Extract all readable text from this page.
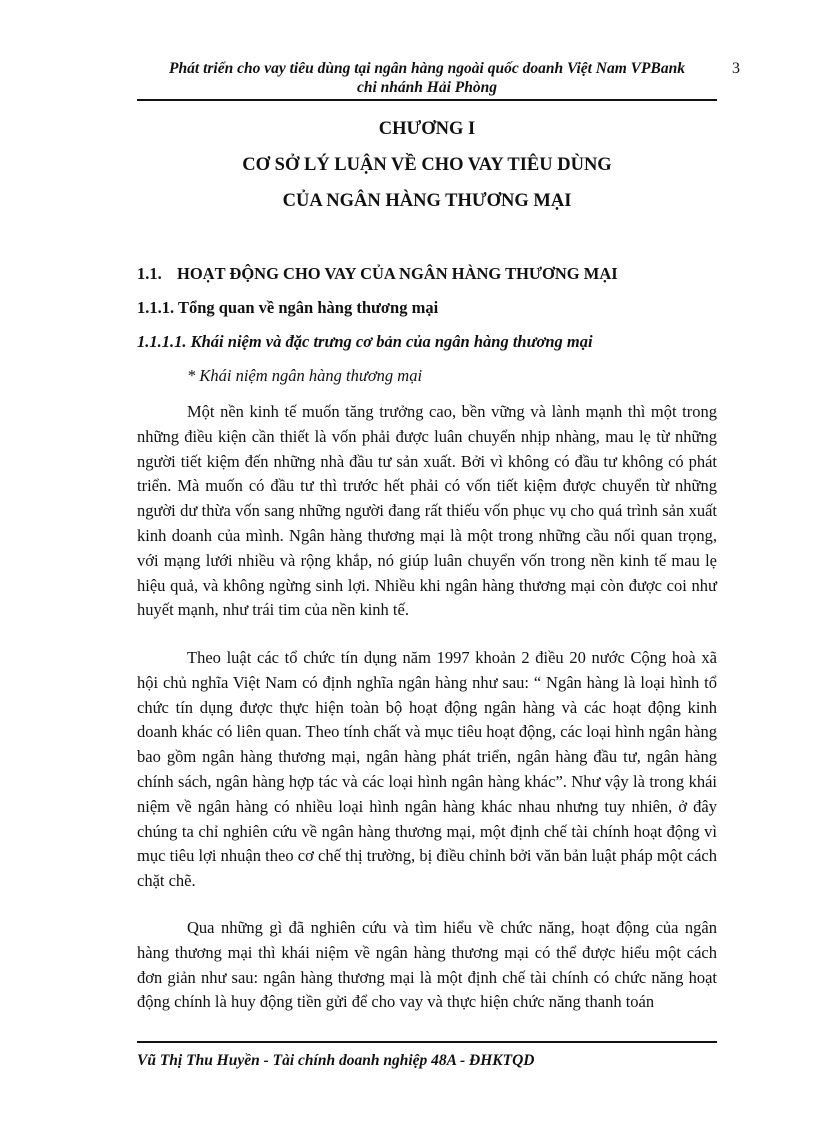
Phát triển cho vay tiêu dùng tại ngân hàng ngoài quốc doanh Việt Nam VPBank
chi nhánh Hải Phòng
3
CHƯƠNG I
CƠ SỞ LÝ LUẬN VỀ CHO VAY TIÊU DÙNG
CỦA NGÂN HÀNG THƯƠNG MẠI
1.1. HOẠT ĐỘNG CHO VAY CỦA NGÂN HÀNG THƯƠNG MẠI
1.1.1. Tổng quan về ngân hàng thương mại
1.1.1.1. Khái niệm và đặc trưng cơ bản của ngân hàng thương mại
* Khái niệm ngân hàng thương mại

Một nền kinh tế muốn tăng trưởng cao, bền vững và lành mạnh thì một trong những điều kiện cần thiết là vốn phải được luân chuyển nhịp nhàng, mau lẹ từ những người tiết kiệm đến những nhà đầu tư sản xuất. Bởi vì không có đầu tư không có phát triển. Mà muốn có đầu tư thì trước hết phải có vốn tiết kiệm được chuyển từ những người dư thừa vốn sang những người đang rất thiếu vốn phục vụ cho quá trình sản xuất kinh doanh của mình. Ngân hàng thương mại là một trong những cầu nối quan trọng, với mạng lưới nhiều và rộng khắp, nó giúp luân chuyển vốn trong nền kinh tế mau lẹ hiệu quả, và không ngừng sinh lợi. Nhiều khi ngân hàng thương mại còn được coi như huyết mạnh, như trái tim của nền kinh tế.

Theo luật các tổ chức tín dụng năm 1997 khoản 2 điều 20 nước Cộng hoà xã hội chủ nghĩa Việt Nam có định nghĩa ngân hàng như sau: “ Ngân hàng là loại hình tổ chức tín dụng được thực hiện toàn bộ hoạt động ngân hàng và các hoạt động kinh doanh khác có liên quan. Theo tính chất và mục tiêu hoạt động, các loại hình ngân hàng bao gồm ngân hàng thương mại, ngân hàng phát triển, ngân hàng đầu tư, ngân hàng chính sách, ngân hàng hợp tác và các loại hình ngân hàng khác”. Như vậy là trong khái niệm về ngân hàng có nhiều loại hình ngân hàng khác nhau nhưng tuy nhiên, ở đây chúng ta chỉ nghiên cứu về ngân hàng thương mại, một định chế tài chính hoạt động vì mục tiêu lợi nhuận theo cơ chế thị trường, bị điều chỉnh bởi văn bản luật pháp một cách chặt chẽ.

Qua những gì đã nghiên cứu và tìm hiểu về chức năng, hoạt động của ngân hàng thương mại thì khái niệm về ngân hàng thương mại có thể được hiểu một cách đơn giản như sau: ngân hàng thương mại là một định chế tài chính có chức năng hoạt động chính là huy động tiền gửi để cho vay và thực hiện chức năng thanh toán

Vũ Thị Thu Huyền - Tài chính doanh nghiệp 48A - ĐHKTQD
